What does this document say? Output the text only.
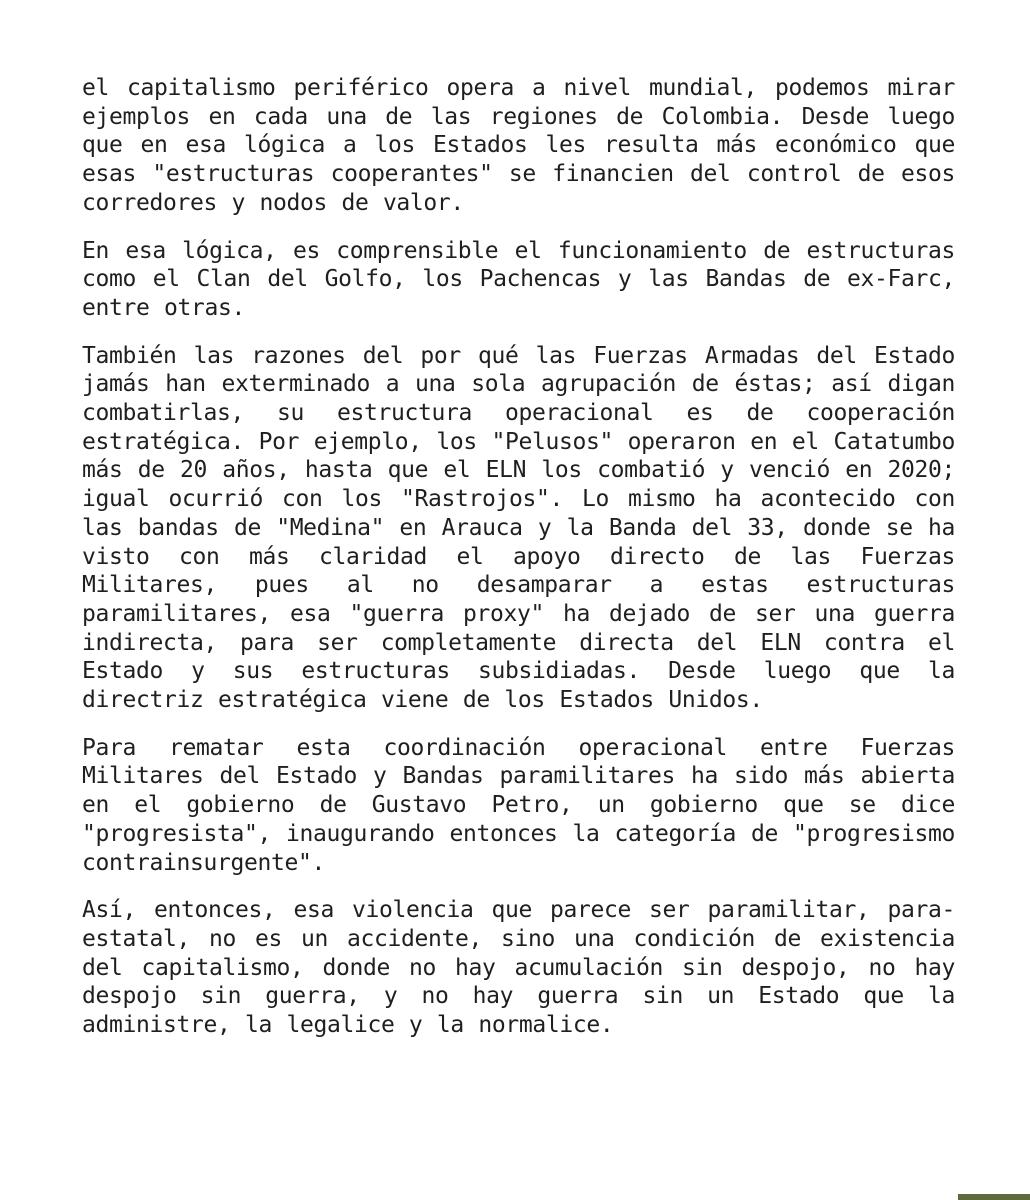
el capitalismo periférico opera a nivel mundial, podemos mirar ejemplos en cada una de las regiones de Colombia. Desde luego que en esa lógica a los Estados les resulta más económico que esas "estructuras cooperantes" se financien del control de esos corredores y nodos de valor.

En esa lógica, es comprensible el funcionamiento de estructuras como el Clan del Golfo, los Pachencas y las Bandas de ex-Farc, entre otras.

También las razones del por qué las Fuerzas Armadas del Estado jamás han exterminado a una sola agrupación de éstas; así digan combatirlas, su estructura operacional es de cooperación estratégica. Por ejemplo, los "Pelusos" operaron en el Catatumbo más de 20 años, hasta que el ELN los combatió y venció en 2020; igual ocurrió con los "Rastrojos". Lo mismo ha acontecido con las bandas de "Medina" en Arauca y la Banda del 33, donde se ha visto con más claridad el apoyo directo de las Fuerzas Militares, pues al no desamparar a estas estructuras paramilitares, esa "guerra proxy" ha dejado de ser una guerra indirecta, para ser completamente directa del ELN contra el Estado y sus estructuras subsidiadas. Desde luego que la directriz estratégica viene de los Estados Unidos.

Para rematar esta coordinación operacional entre Fuerzas Militares del Estado y Bandas paramilitares ha sido más abierta en el gobierno de Gustavo Petro, un gobierno que se dice "progresista", inaugurando entonces la categoría de "progresismo contrainsurgente".

Así, entonces, esa violencia que parece ser paramilitar, para-estatal, no es un accidente, sino una condición de existencia del capitalismo, donde no hay acumulación sin despojo, no hay despojo sin guerra, y no hay guerra sin un Estado que la administre, la legalice y la normalice.
